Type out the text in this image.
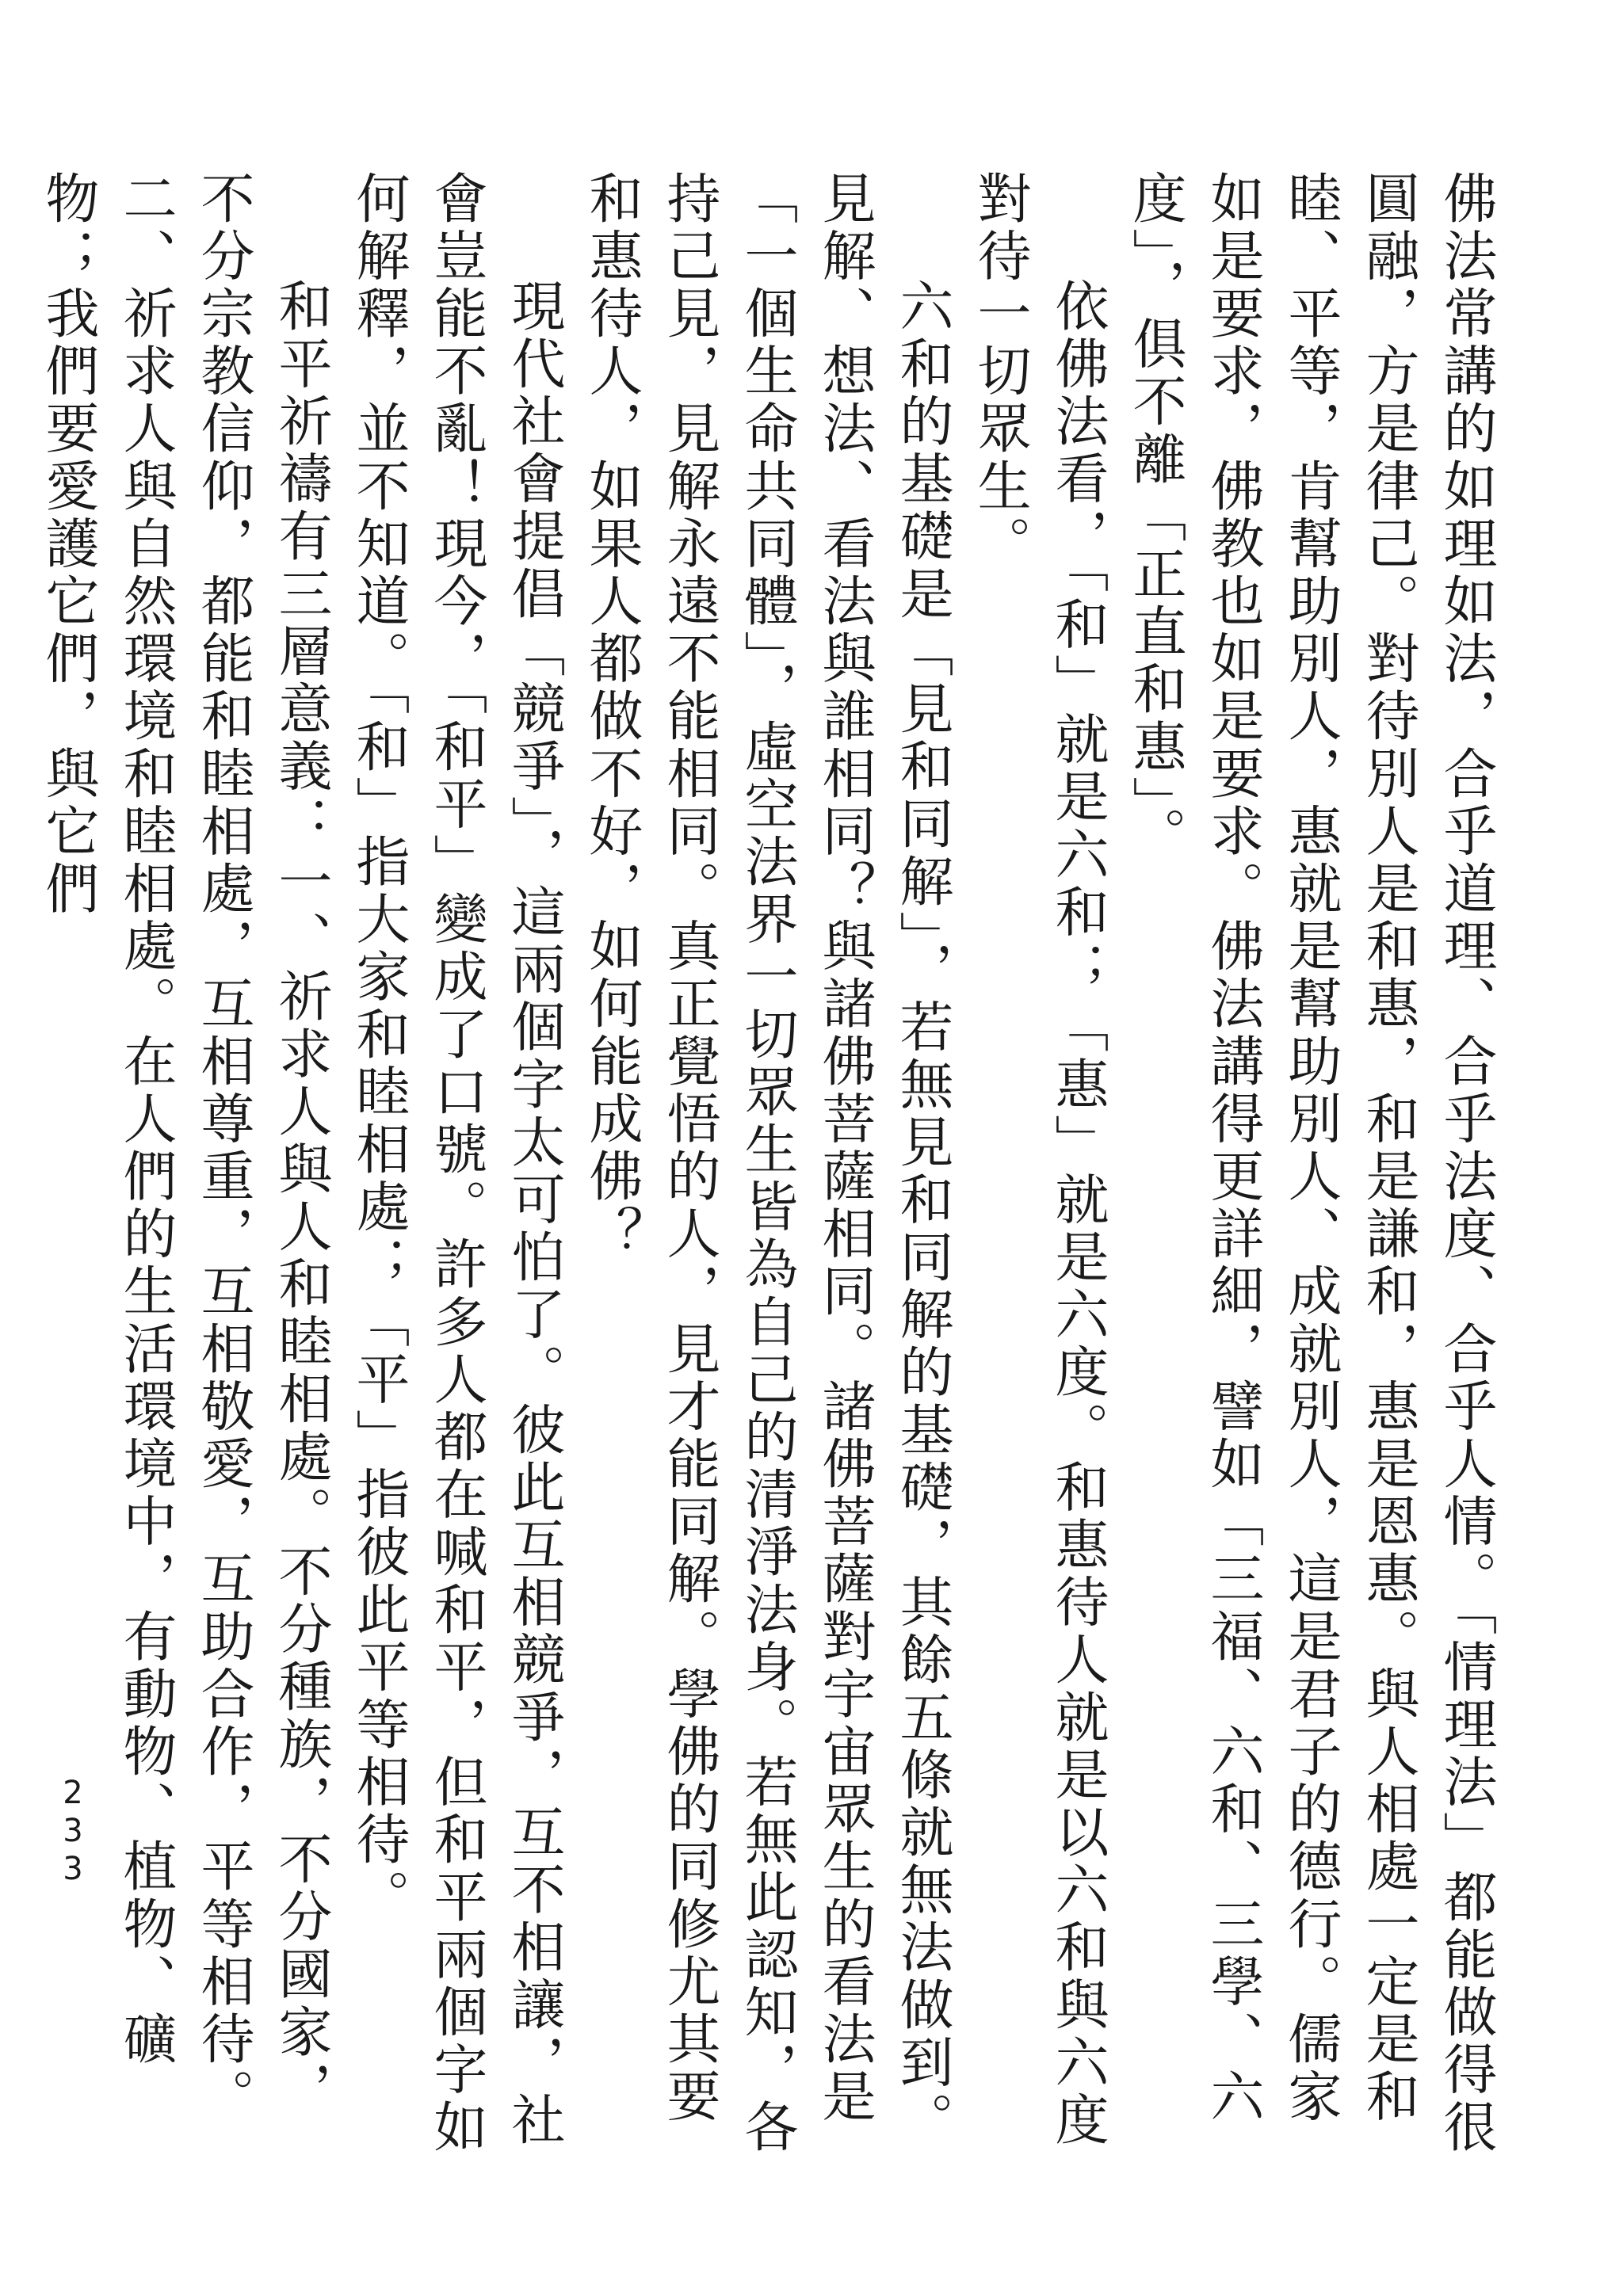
佛法常講的如理如法，合乎道理、合乎法度、合乎人情。「情理法」都能做得很圓融，方是律己。對待別人是和惠，和是謙和，惠是恩惠。與人相處一定是和睦、平等，肯幫助別人，惠就是幫助別人、成就別人，這是君子的德行。儒家如是要求，佛教也如是要求。佛法講得更詳細，譬如「三福、六和、三學、六度」，俱不離「正直和惠」。

依佛法看，「和」就是六和；「惠」就是六度。和惠待人就是以六和與六度對待一切眾生。

六和的基礎是「見和同解」，若無見和同解的基礎，其餘五條就無法做到。見解、想法、看法與誰相同？與諸佛菩薩相同。諸佛菩薩對宇宙眾生的看法是「一個生命共同體」，虛空法界一切眾生皆為自己的清淨法身。若無此認知，各持己見，見解永遠不能相同。真正覺悟的人，見才能同解。學佛的同修尤其要和惠待人，如果人都做不好，如何能成佛？

現代社會提倡「競爭」，這兩個字太可怕了。彼此互相競爭，互不相讓，社會豈能不亂！現今，「和平」變成了口號。許多人都在喊和平，但和平兩個字如何解釋，並不知道。「和」指大家和睦相處；「平」指彼此平等相待。

和平祈禱有三層意義：一、祈求人與人和睦相處。不分種族，不分國家，不分宗教信仰，都能和睦相處，互相尊重，互相敬愛，互助合作，平等相待。二、祈求人與自然環境和睦相處。在人們的生活環境中，有動物、植物、礦物；我們要愛護它們，與它們

233
